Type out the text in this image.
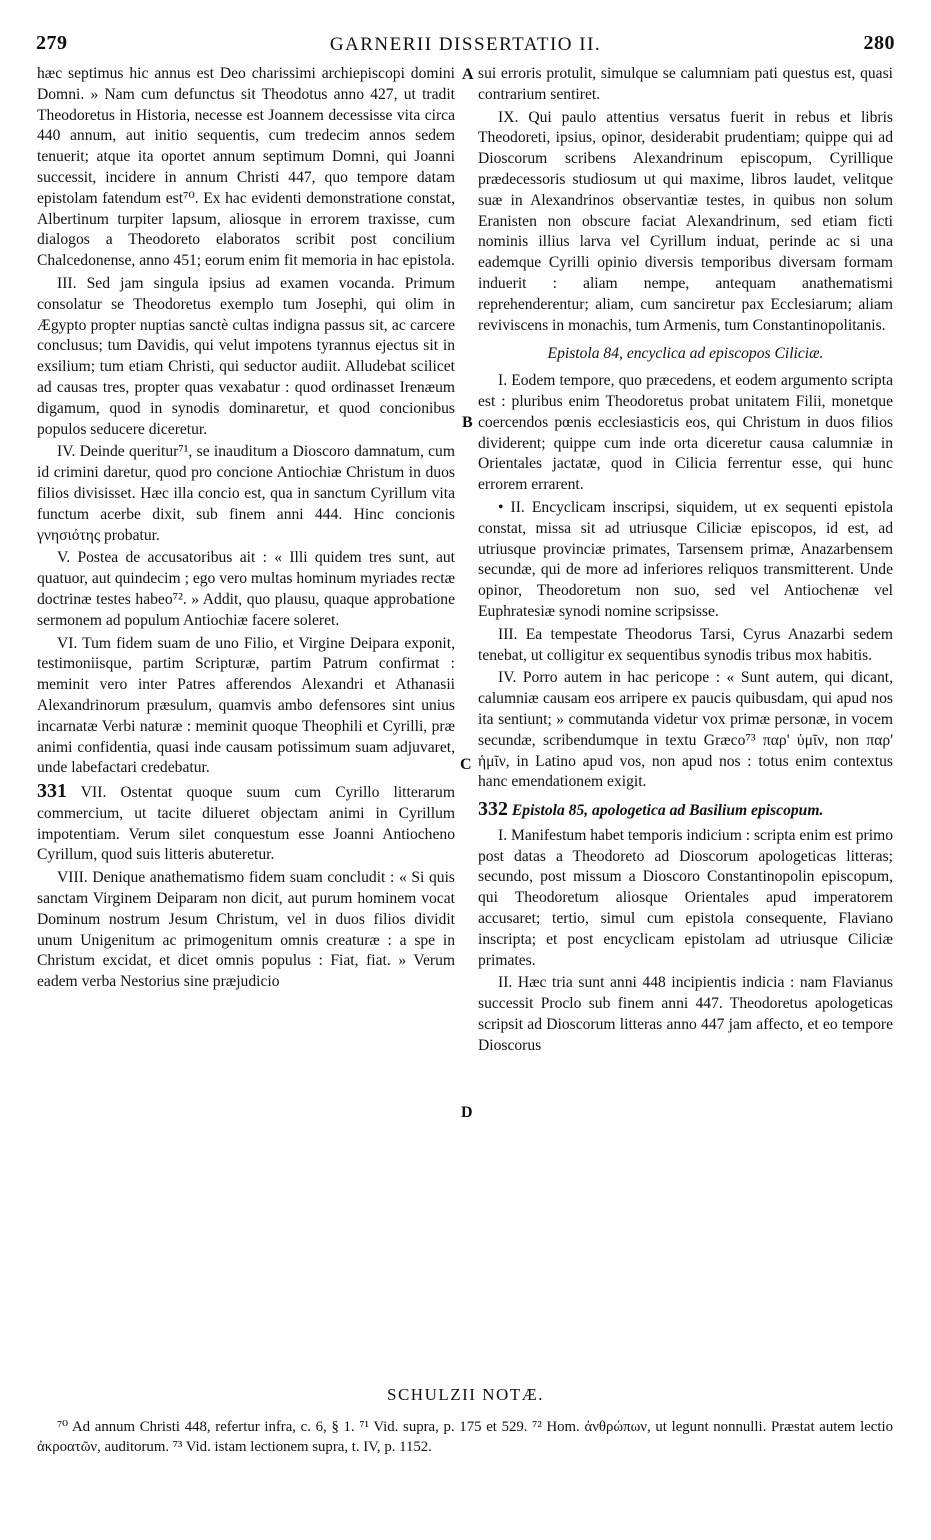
279	GARNERII DISSERTATIO II.	280
A
B
C
D

hæc septimus hic annus est Deo charissimi archiepiscopi domini Domni. » Nam cum defunctus sit Theodotus anno 427, ut tradit Theodoretus in Historia, necesse est Joannem decessisse vita circa 440 annum, aut initio sequentis, cum tredecim annos sedem tenuerit; atque ita oportet annum septimum Domni, qui Joanni successit, incidere in annum Christi 447, quo tempore datam epistolam fatendum est⁷⁰. Ex hac evidenti demonstratione constat, Albertinum turpiter lapsum, aliosque in errorem traxisse, cum dialogos a Theodoreto elaboratos scribit post concilium Chalcedonense, anno 451; eorum enim fit memoria in hac epistola.

III. Sed jam singula ipsius ad examen vocanda. Primum consolatur se Theodoretus exemplo tum Josephi, qui olim in Ægypto propter nuptias sanctè cultas indigna passus sit, ac carcere conclusus; tum Davidis, qui velut impotens tyrannus ejectus sit in exsilium; tum etiam Christi, qui seductor audiit. Alludebat scilicet ad causas tres, propter quas vexabatur : quod ordinasset Irenæum digamum, quod in synodis dominaretur, et quod concionibus populos seducere diceretur.

IV. Deinde queritur⁷¹, se inauditum a Dioscoro damnatum, cum id crimini daretur, quod pro concione Antiochiæ Christum in duos filios divisisset. Hæc illa concio est, qua in sanctum Cyrillum vita functum acerbe dixit, sub finem anni 444. Hinc concionis γνησιότης probatur.

V. Postea de accusatoribus ait : « Illi quidem tres sunt, aut quatuor, aut quindecim ; ego vero multas hominum myriades rectæ doctrinæ testes habeo⁷². » Addit, quo plausu, quaque approbatione sermonem ad populum Antiochiæ facere soleret.

VI. Tum fidem suam de uno Filio, et Virgine Deipara exponit, testimoniisque, partim Scripturæ, partim Patrum confirmat : meminit vero inter Patres afferendos Alexandri et Athanasii Alexandrinorum præsulum, quamvis ambo defensores sint unius incarnatæ Verbi naturæ : meminit quoque Theophili et Cyrilli, præ animi confidentia, quasi inde causam potissimum suam adjuvaret, unde labefactari credebatur.

331 VII. Ostentat quoque suum cum Cyrillo litterarum commercium, ut tacite dilueret objectam animi in Cyrillum impotentiam. Verum silet conquestum esse Joanni Antiocheno Cyrillum, quod suis litteris abuteretur.

VIII. Denique anathematismo fidem suam concludit : « Si quis sanctam Virginem Deiparam non dicit, aut purum hominem vocat Dominum nostrum Jesum Christum, vel in duos filios dividit unum Unigenitum ac primogenitum omnis creaturæ : a spe in Christum excidat, et dicet omnis populus : Fiat, fiat. » Verum eadem verba Nestorius sine præjudicio

sui erroris protulit, simulque se calumniam pati questus est, quasi contrarium sentiret.

IX. Qui paulo attentius versatus fuerit in rebus et libris Theodoreti, ipsius, opinor, desiderabit prudentiam; quippe qui ad Dioscorum scribens Alexandrinum episcopum, Cyrillique prædecessoris studiosum ut qui maxime, libros laudet, velitque suæ in Alexandrinos observantiæ testes, in quibus non solum Eranisten non obscure faciat Alexandrinum, sed etiam ficti nominis illius larva vel Cyrillum induat, perinde ac si una eademque Cyrilli opinio diversis temporibus diversam formam induerit : aliam nempe, antequam anathematismi reprehenderentur; aliam, cum sanciretur pax Ecclesiarum; aliam reviviscens in monachis, tum Armenis, tum Constantinopolitanis.

Epistola 84, encyclica ad episcopos Ciliciæ.

I. Eodem tempore, quo præcedens, et eodem argumento scripta est : pluribus enim Theodoretus probat unitatem Filii, monetque coercendos pœnis ecclesiasticis eos, qui Christum in duos filios dividerent; quippe cum inde orta diceretur causa calumniæ in Orientales jactatæ, quod in Cilicia ferrentur esse, qui hunc errorem errarent.

• II. Encyclicam inscripsi, siquidem, ut ex sequenti epistola constat, missa sit ad utriusque Ciliciæ episcopos, id est, ad utriusque provinciæ primates, Tarsensem primæ, Anazarbensem secundæ, qui de more ad inferiores reliquos transmitterent. Unde opinor, Theodoretum non suo, sed vel Antiochenæ vel Euphratesiæ synodi nomine scripsisse.

III. Ea tempestate Theodorus Tarsi, Cyrus Anazarbi sedem tenebat, ut colligitur ex sequentibus synodis tribus mox habitis.

IV. Porro autem in hac pericope : « Sunt autem, qui dicant, calumniæ causam eos arripere ex paucis quibusdam, qui apud nos ita sentiunt; » commutanda videtur vox primæ personæ, in vocem secundæ, scribendumque in textu Græco⁷³ παρ' ὑμῖν, non παρ' ἡμῖν, in Latino apud vos, non apud nos : totus enim contextus hanc emendationem exigit.

332 Epistola 85, apologetica ad Basilium episcopum.

I. Manifestum habet temporis indicium : scripta enim est primo post datas a Theodoreto ad Dioscorum apologeticas litteras; secundo, post missum a Dioscoro Constantinopolin episcopum, qui Theodoretum aliosque Orientales apud imperatorem accusaret; tertio, simul cum epistola consequente, Flaviano inscripta; et post encyclicam epistolam ad utriusque Ciliciæ primates.

II. Hæc tria sunt anni 448 incipientis indicia : nam Flavianus successit Proclo sub finem anni 447. Theodoretus apologeticas scripsit ad Dioscorum litteras anno 447 jam affecto, et eo tempore Dioscorus

SCHULZII NOTÆ.

⁷⁰ Ad annum Christi 448, refertur infra, c. 6, § 1. ⁷¹ Vid. supra, p. 175 et 529. ⁷² Hom. ἀνθρώπων, ut legunt nonnulli. Præstat autem lectio ἀκροατῶν, auditorum. ⁷³ Vid. istam lectionem supra, t. IV, p. 1152.
